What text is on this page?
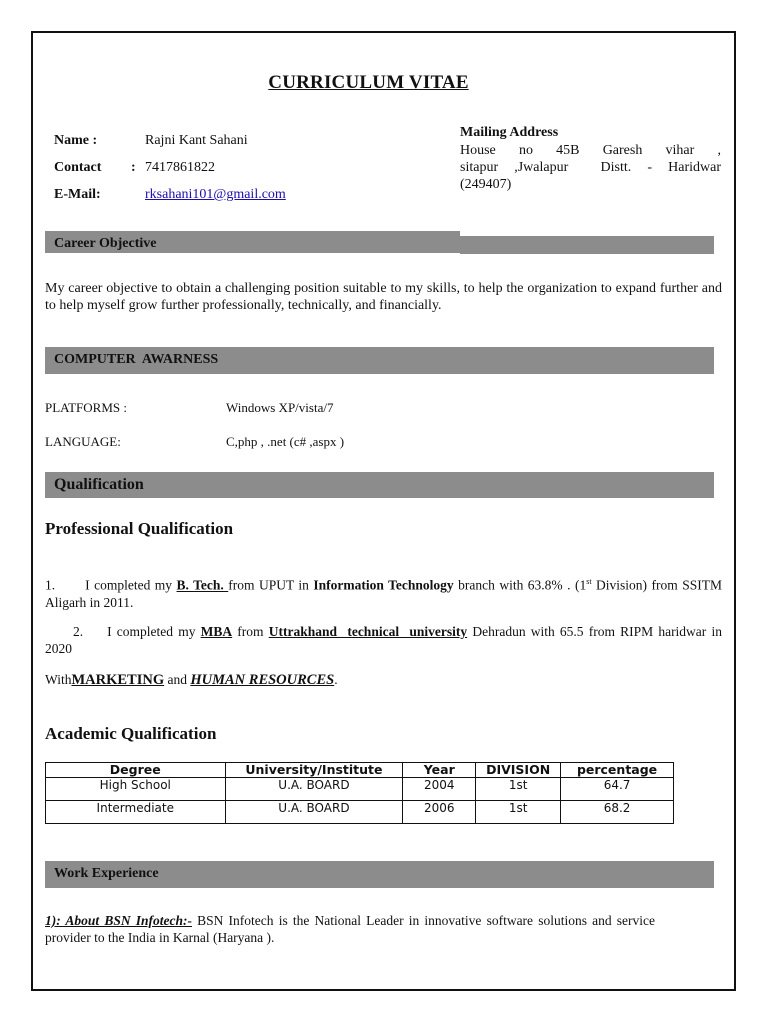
CURRICULUM VITAE
Name :	Rajni Kant Sahani
Contact : 7417861822
E-Mail:	rksahani101@gmail.com
Mailing Address
House    no    45B    Garesh    vihar    ,
sitapur  ,Jwalapur    Distt.  -  Haridwar
(249407)
Career Objective
My career objective to obtain a challenging position suitable to my skills, to help the organization to expand further and to help myself grow further professionally, technically, and financially.
COMPUTER  AWARNESS
PLATFORMS :	Windows XP/vista/7
LANGUAGE:	C,php , .net (c# ,aspx )
Qualification
Professional Qualification
1. I completed my B. Tech. from UPUT in Information Technology branch with 63.8% . (1st Division) from SSITM Aligarh in 2011.
2. I completed my MBA from Uttrakhand  technical  university Dehradun with 65.5 from RIPM haridwar in 2020
WithMARKETING and HUMAN RESOURCES.
Academic Qualification
Degree	University/Institute	Year	DIVISION	percentage
High School	U.A. BOARD	2004	1st	64.7
Intermediate	U.A. BOARD	2006	1st	68.2
Work Experience
1): About BSN Infotech:- BSN Infotech is the National Leader in innovative software solutions and service provider to the India in Karnal (Haryana ).
